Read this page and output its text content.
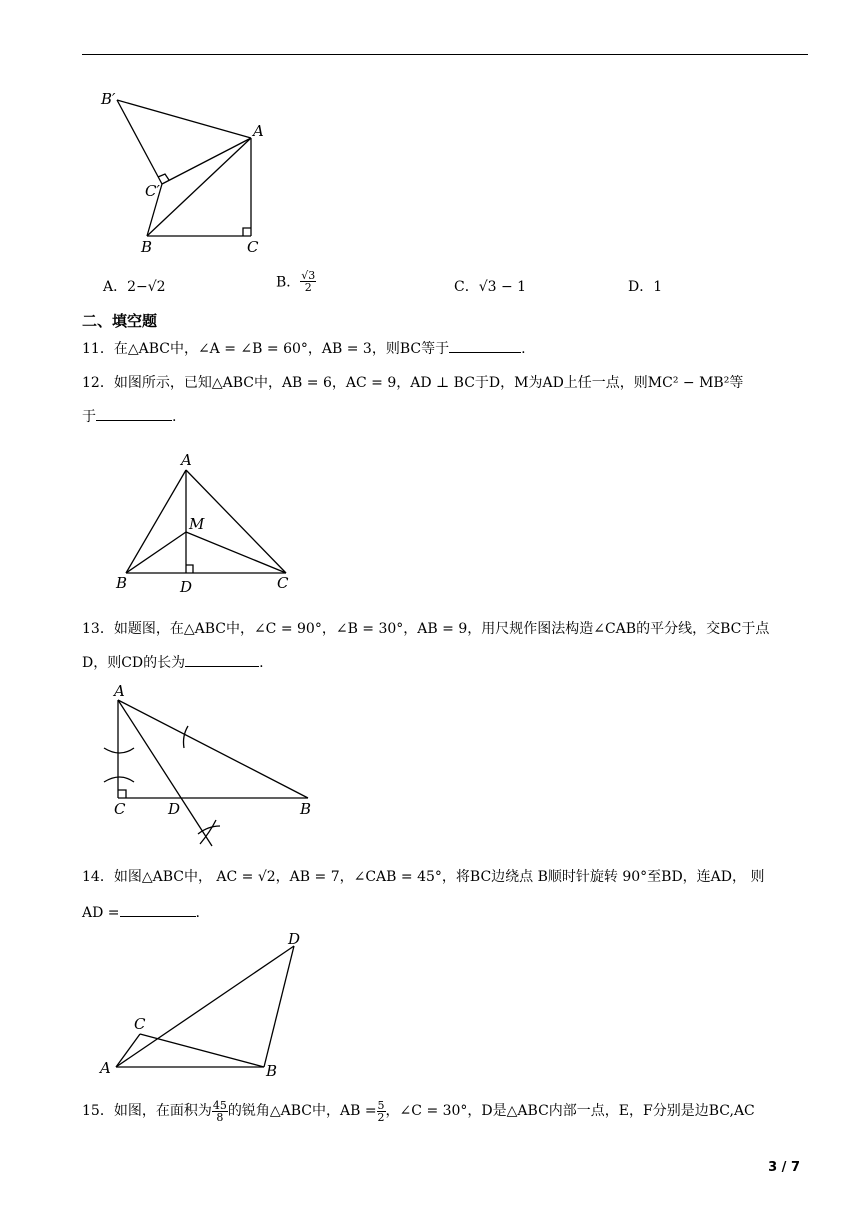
B′
A
C′
B	C
A．2−√2	B． $\frac{√3}{2}$	C．√3 − 1	D．1
二、填空题
11．在△ABC中，∠A = ∠B = 60°，AB = 3，则BC等于	.
12．如图所示，已知△ABC中，AB = 6，AC = 9，AD ⊥ BC于D，M为AD上任一点，则MC² − MB²等
于	.
A
M
B	D	C
13．如题图，在△ABC中，∠C = 90°，∠B = 30°，AB = 9，用尺规作图法构造∠CAB的平分线，交BC于点
D，则CD的长为	.
A
C	D	B
14．如图△ABC中， AC = √2，AB = 7，∠CAB = 45°，将BC边绕点 B顺时针旋转 90°至BD，连AD， 则
AD =	.
D
C
A	B
15．如图，在面积为 $\frac{45}{8}$ 的锐角△ABC中，AB = $\frac{5}{2}$ ，∠C = 30°，D是△ABC内部一点，E，F分别是边BC,AC
3 / 7
